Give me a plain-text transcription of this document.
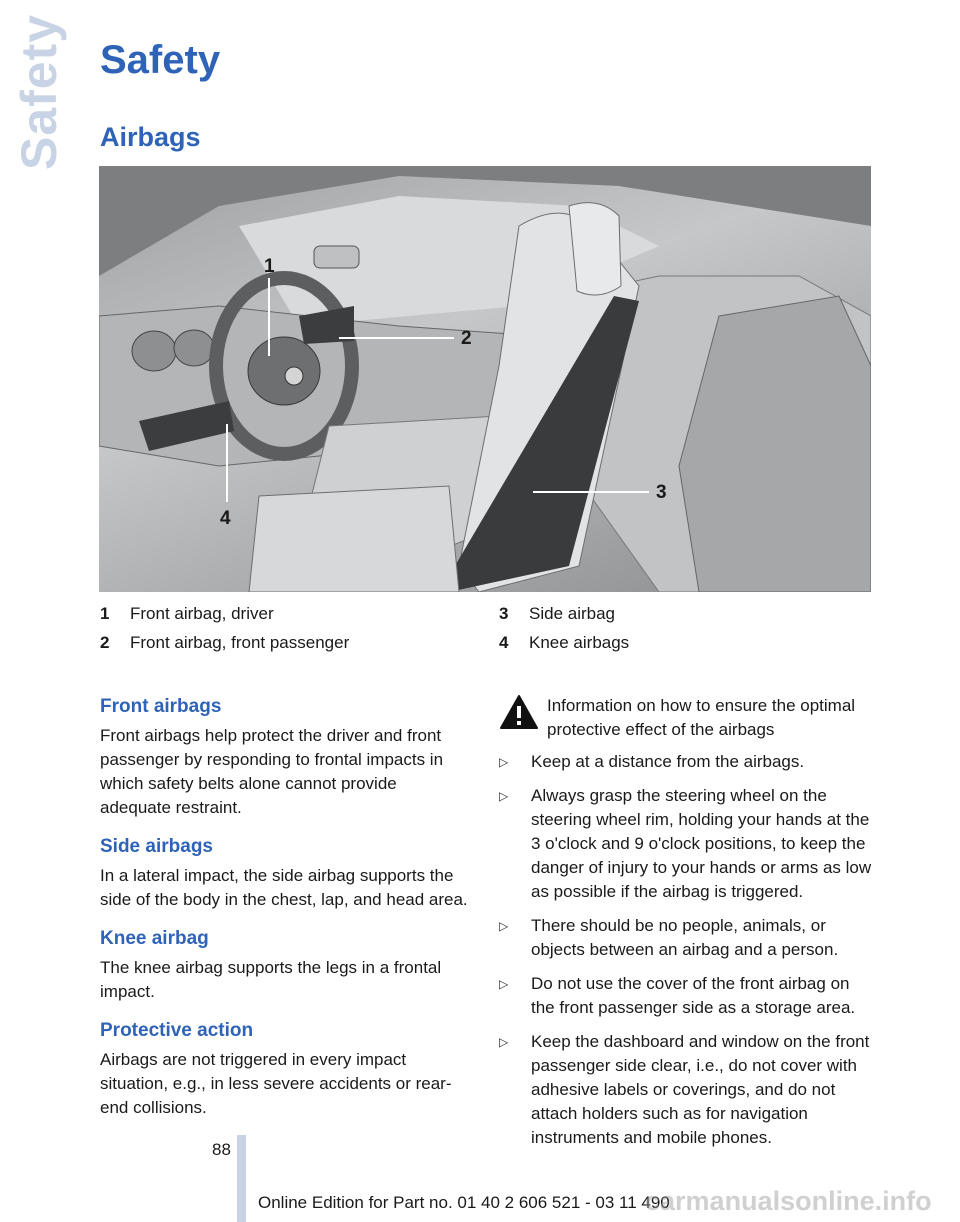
Safety Safety
Airbags
1
2
3
4
1	Front airbag, driver
2	Front airbag, front passenger
3	Side airbag
4	Knee airbags
Front airbags

Front airbags help protect the driver and front passenger by responding to frontal impacts in which safety belts alone cannot provide adequate restraint.

Side airbags

In a lateral impact, the side airbag supports the side of the body in the chest, lap, and head area.

Knee airbag

The knee airbag supports the legs in a frontal impact.

Protective action

Airbags are not triggered in every impact situation, e.g., in less severe accidents or rear-end collisions.

Information on how to ensure the optimal protective effect of the airbags
▷	Keep at a distance from the airbags.
▷	Always grasp the steering wheel on the steering wheel rim, holding your hands at the 3 o'clock and 9 o'clock positions, to keep the danger of injury to your hands or arms as low as possible if the airbag is triggered.
▷	There should be no people, animals, or objects between an airbag and a person.
▷	Do not use the cover of the front airbag on the front passenger side as a storage area.
▷	Keep the dashboard and window on the front passenger side clear, i.e., do not cover with adhesive labels or coverings, and do not attach holders such as for navigation instruments and mobile phones.
88
Online Edition for Part no. 01 40 2 606 521 - 03 11 490
carmanualsonline.info
